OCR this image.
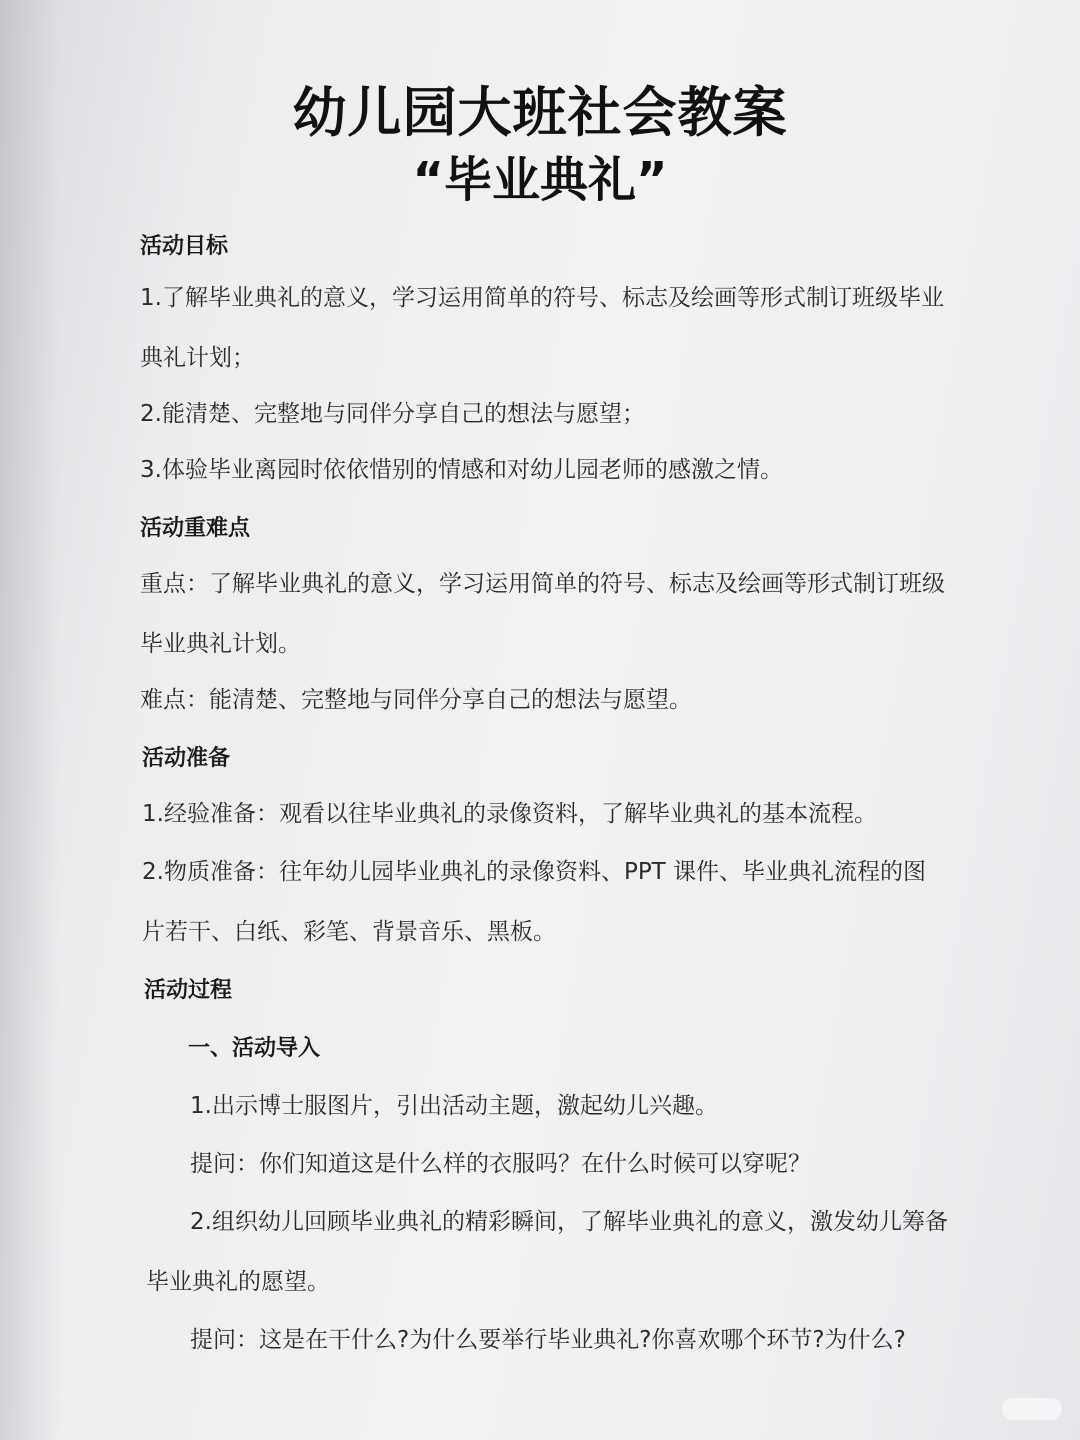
幼儿园大班社会教案
“毕业典礼”
活动目标
1.了解毕业典礼的意义，学习运用简单的符号、标志及绘画等形式制订班级毕业
典礼计划；
2.能清楚、完整地与同伴分享自己的想法与愿望；
3.体验毕业离园时依依惜别的情感和对幼儿园老师的感激之情。
活动重难点
重点：了解毕业典礼的意义，学习运用简单的符号、标志及绘画等形式制订班级
毕业典礼计划。
难点：能清楚、完整地与同伴分享自己的想法与愿望。
活动准备
1.经验准备：观看以往毕业典礼的录像资料，了解毕业典礼的基本流程。
2.物质准备：往年幼儿园毕业典礼的录像资料、PPT 课件、毕业典礼流程的图
片若干、白纸、彩笔、背景音乐、黑板。
活动过程
一、活动导入
1.出示博士服图片，引出活动主题，激起幼儿兴趣。
提问：你们知道这是什么样的衣服吗？在什么时候可以穿呢？
2.组织幼儿回顾毕业典礼的精彩瞬间，了解毕业典礼的意义，激发幼儿筹备
毕业典礼的愿望。
提问：这是在干什么?为什么要举行毕业典礼?你喜欢哪个环节?为什么?
